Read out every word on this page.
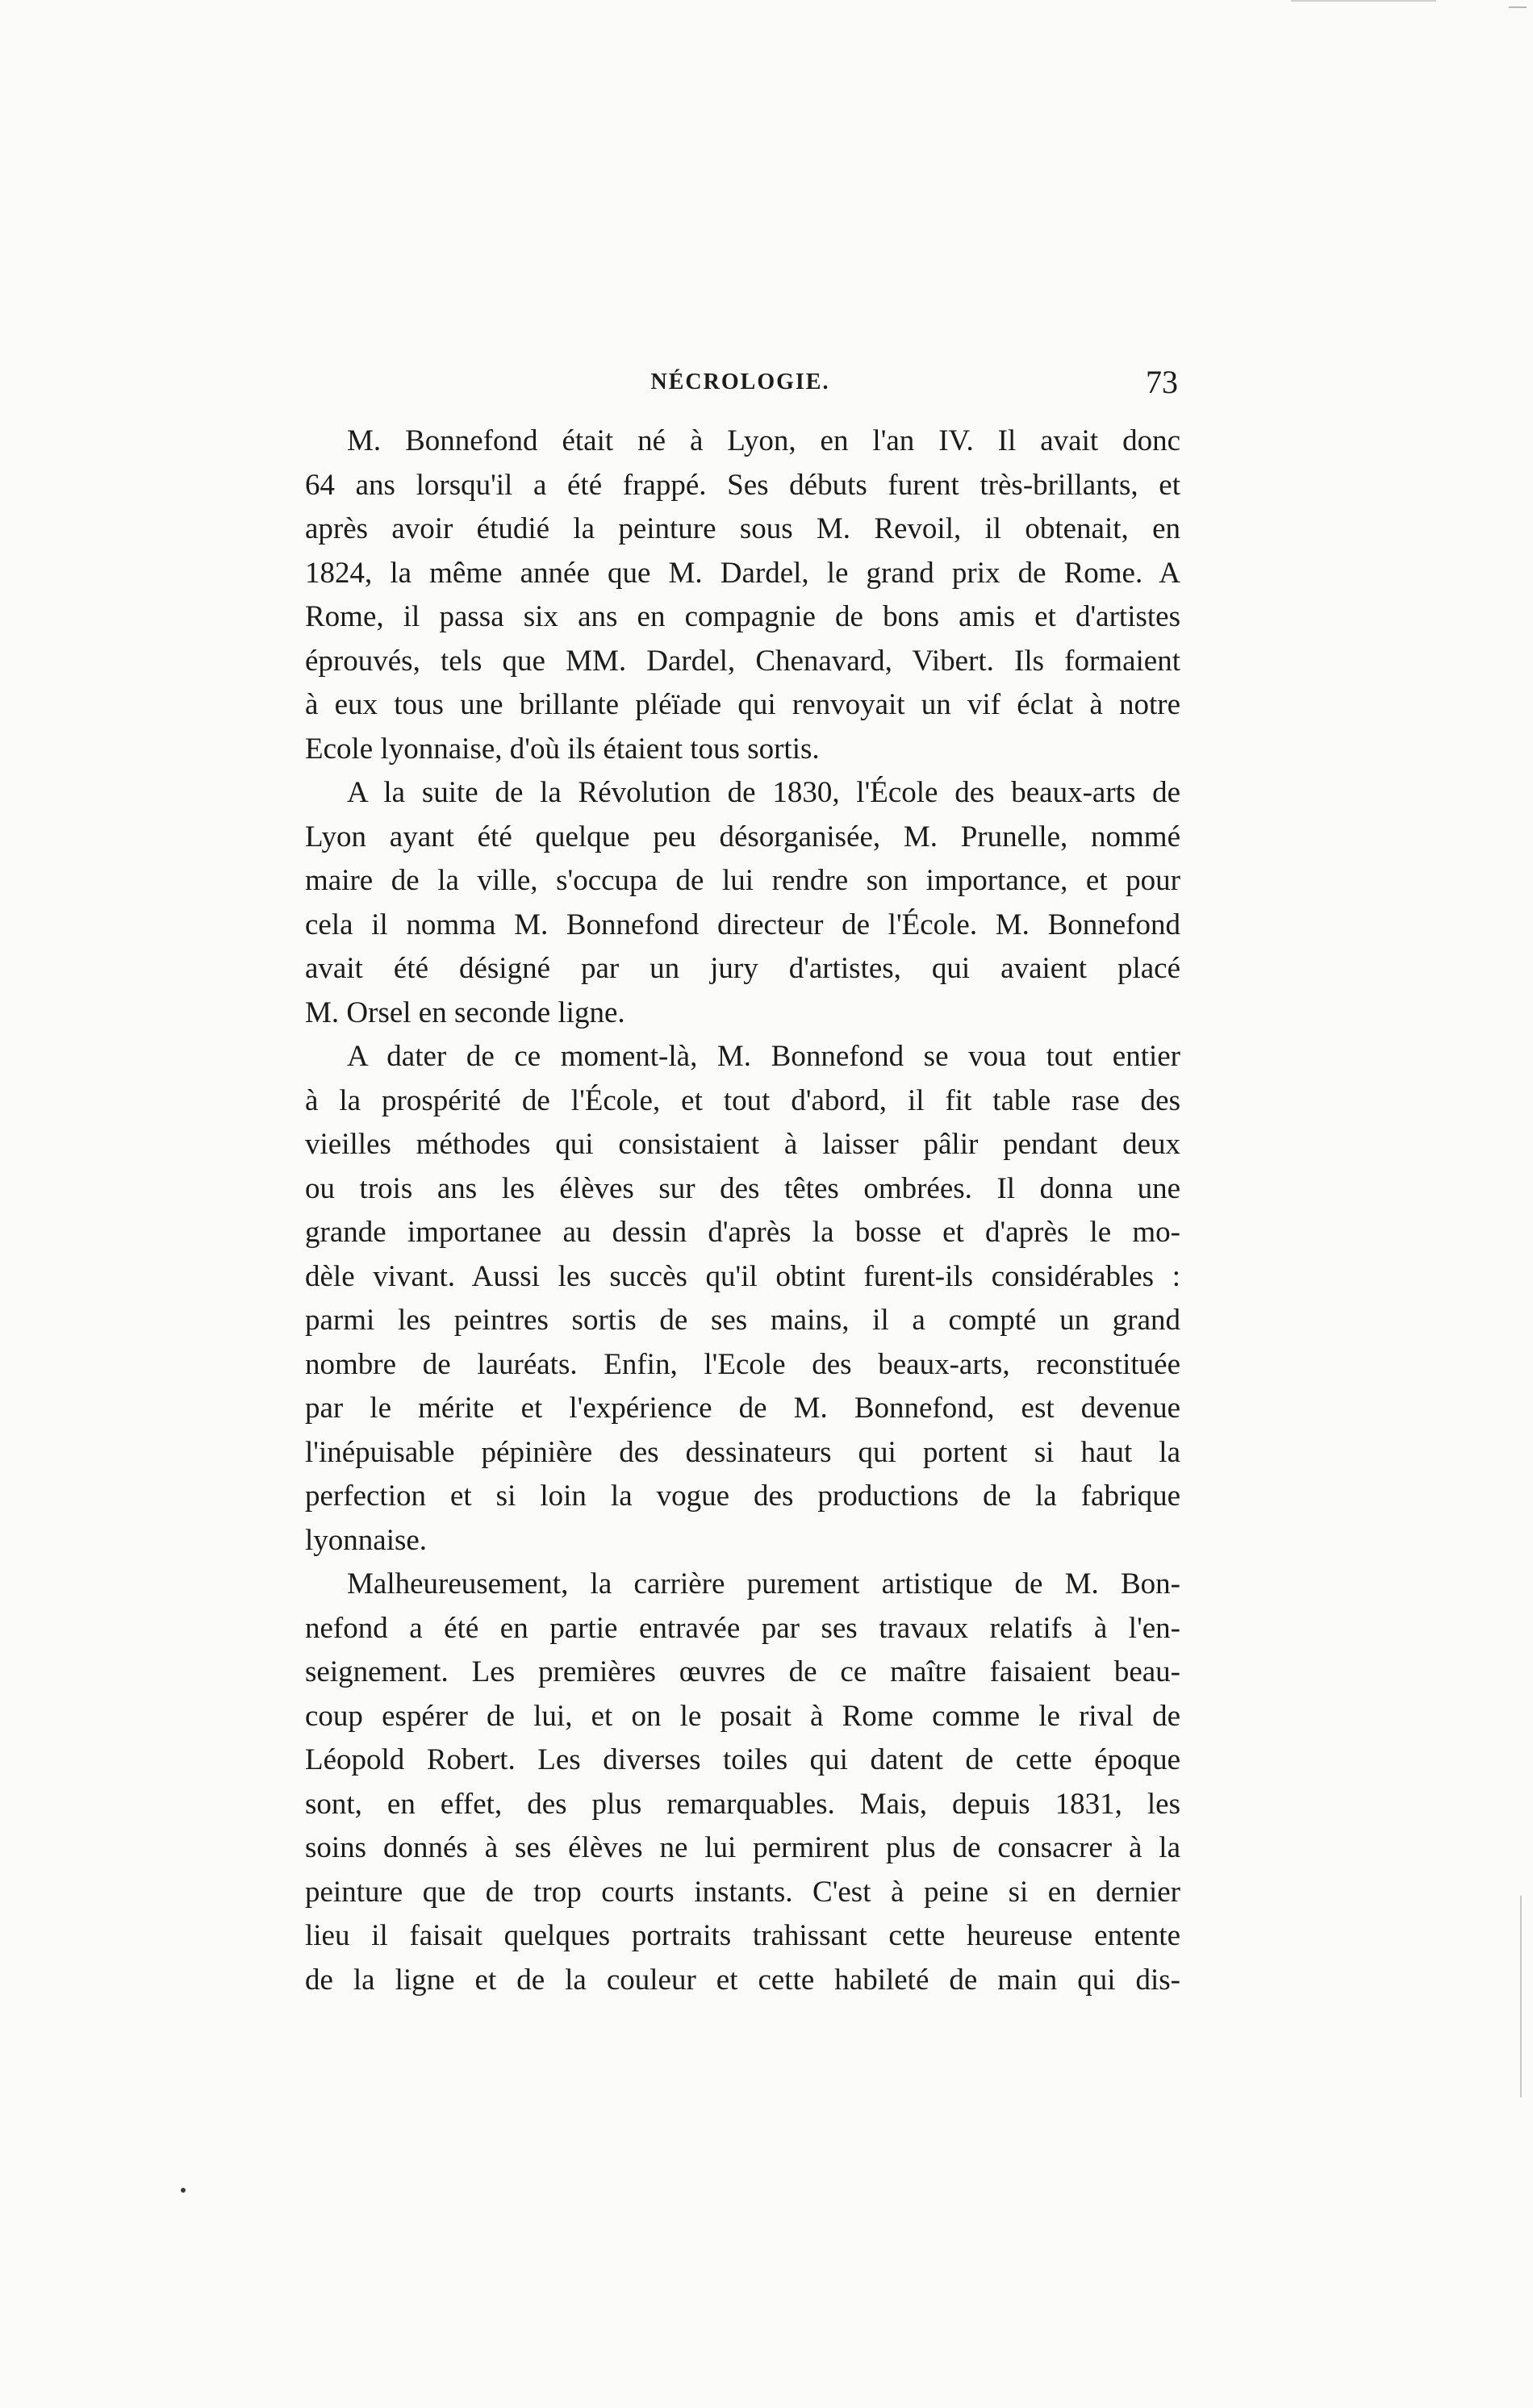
NÉCROLOGIE.	73
M. Bonnefond était né à Lyon, en l'an IV. Il avait donc
64 ans lorsqu'il a été frappé. Ses débuts furent très-brillants, et
après avoir étudié la peinture sous M. Revoil, il obtenait, en
1824, la même année que M. Dardel, le grand prix de Rome. A
Rome, il passa six ans en compagnie de bons amis et d'artistes
éprouvés, tels que MM. Dardel, Chenavard, Vibert. Ils formaient
à eux tous une brillante pléïade qui renvoyait un vif éclat à notre
Ecole lyonnaise, d'où ils étaient tous sortis.
A la suite de la Révolution de 1830, l'École des beaux-arts de
Lyon ayant été quelque peu désorganisée, M. Prunelle, nommé
maire de la ville, s'occupa de lui rendre son importance, et pour
cela il nomma M. Bonnefond directeur de l'École. M. Bonnefond
avait été désigné par un jury d'artistes, qui avaient placé
M. Orsel en seconde ligne.
A dater de ce moment-là, M. Bonnefond se voua tout entier
à la prospérité de l'École, et tout d'abord, il fit table rase des
vieilles méthodes qui consistaient à laisser pâlir pendant deux
ou trois ans les élèves sur des têtes ombrées. Il donna une
grande importanee au dessin d'après la bosse et d'après le mo-
dèle vivant. Aussi les succès qu'il obtint furent-ils considérables :
parmi les peintres sortis de ses mains, il a compté un grand
nombre de lauréats. Enfin, l'Ecole des beaux-arts, reconstituée
par le mérite et l'expérience de M. Bonnefond, est devenue
l'inépuisable pépinière des dessinateurs qui portent si haut la
perfection et si loin la vogue des productions de la fabrique
lyonnaise.
Malheureusement, la carrière purement artistique de M. Bon-
nefond a été en partie entravée par ses travaux relatifs à l'en-
seignement. Les premières œuvres de ce maître faisaient beau-
coup espérer de lui, et on le posait à Rome comme le rival de
Léopold Robert. Les diverses toiles qui datent de cette époque
sont, en effet, des plus remarquables. Mais, depuis 1831, les
soins donnés à ses élèves ne lui permirent plus de consacrer à la
peinture que de trop courts instants. C'est à peine si en dernier
lieu il faisait quelques portraits trahissant cette heureuse entente
de la ligne et de la couleur et cette habileté de main qui dis-
